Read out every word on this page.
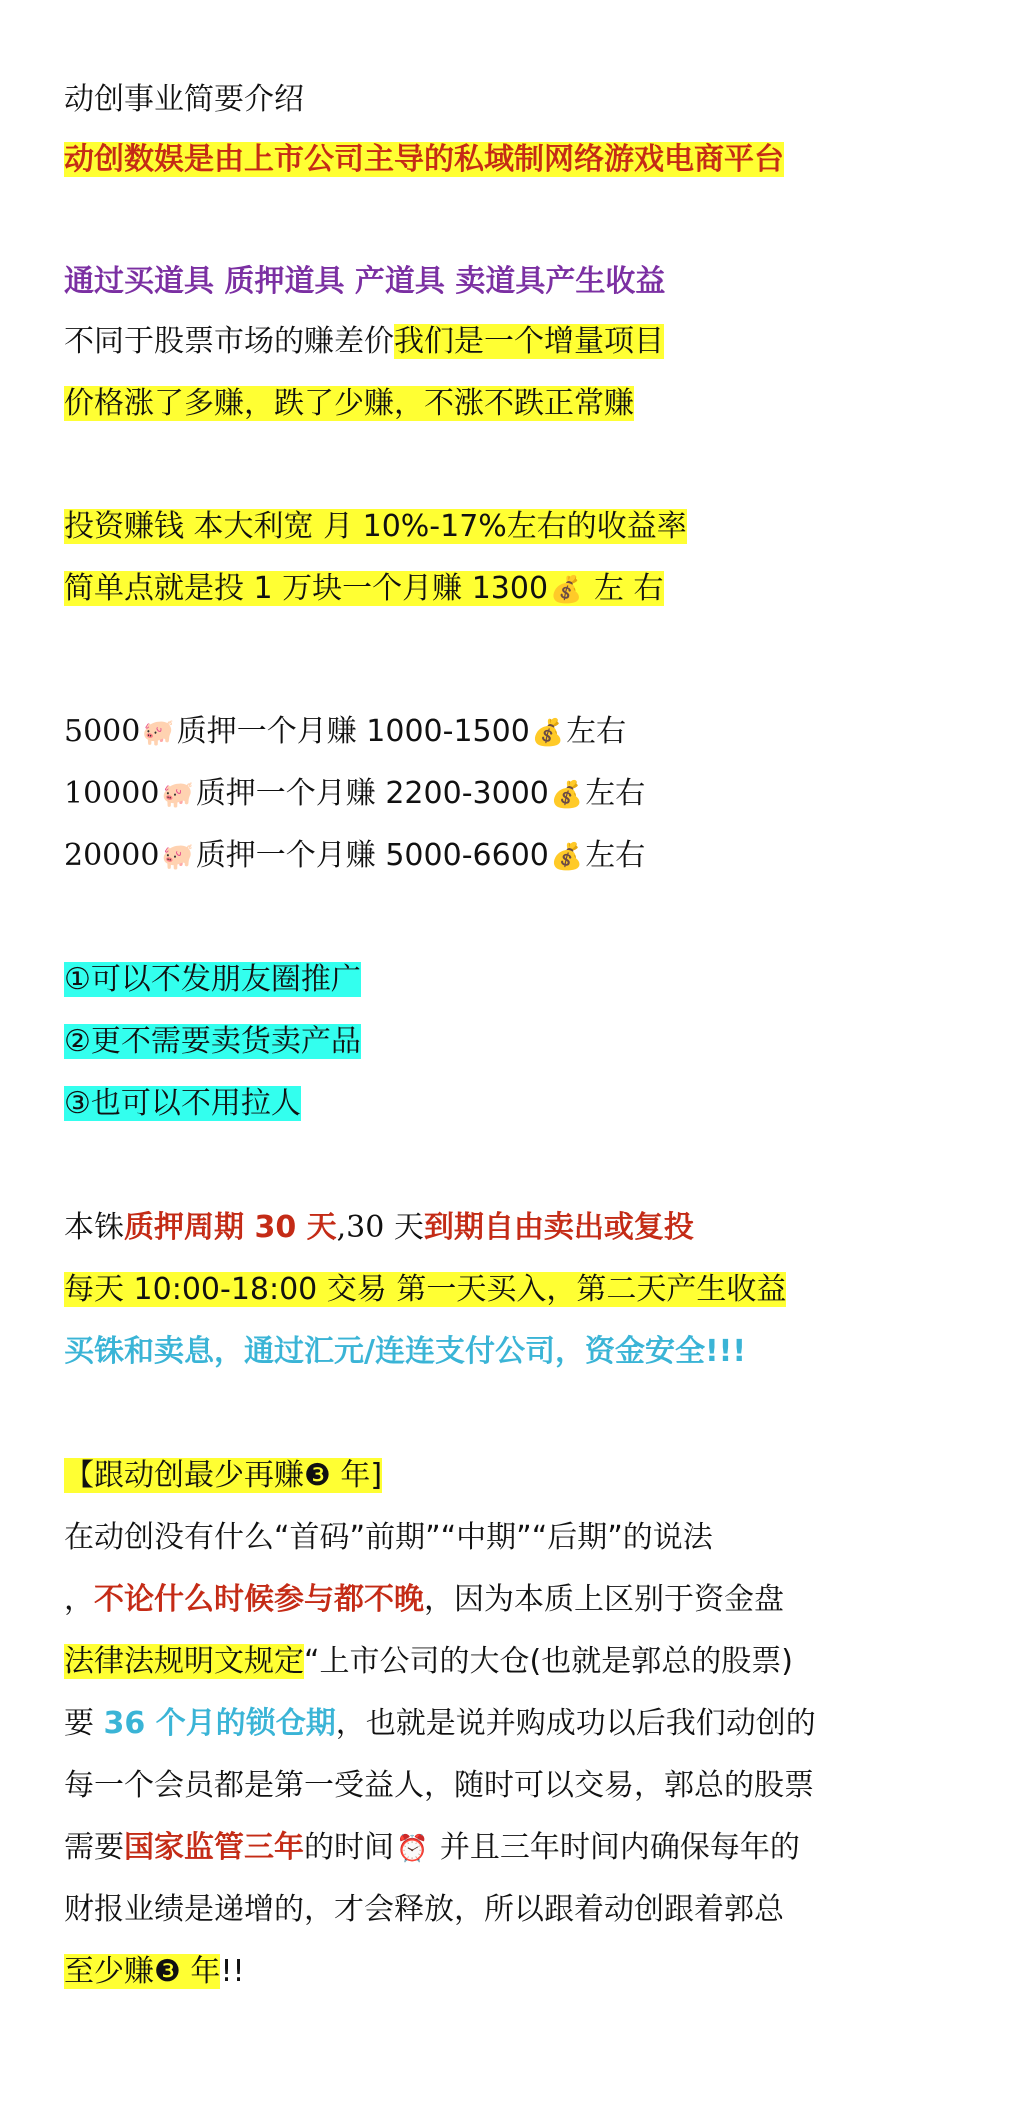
动创事业简要介绍
动创数娱是由上市公司主导的私域制网络游戏电商平台
通过买道具 质押道具 产道具 卖道具产生收益
不同于股票市场的赚差价我们是一个增量项目
价格涨了多赚，跌了少赚，不涨不跌正常赚
投资赚钱 本大利宽 月 10%-17%左右的收益率
简单点就是投 1 万块一个月赚 1300💰 左 右
5000🐖质押一个月赚 1000-1500💰左右
10000🐖质押一个月赚 2200-3000💰左右
20000🐖质押一个月赚 5000-6600💰左右
①可以不发朋友圈推广
②更不需要卖货卖产品
③也可以不用拉人
本铢质押周期 30 天,30 天到期自由卖出或复投
每天 10:00-18:00 交易 第一天买入，第二天产生收益
买铢和卖息，通过汇元/连连支付公司，资金安全!!!
【跟动创最少再赚❸ 年]
在动创没有什么“首码”前期”“中期”“后期”的说法
，不论什么时候参与都不晚，因为本质上区别于资金盘
法律法规明文规定“上市公司的大仓(也就是郭总的股票)
要 36 个月的锁仓期，也就是说并购成功以后我们动创的
每一个会员都是第一受益人，随时可以交易，郭总的股票
需要国家监管三年的时间⏰ 并且三年时间内确保每年的
财报业绩是递增的，才会释放，所以跟着动创跟着郭总
至少赚❸ 年!!
